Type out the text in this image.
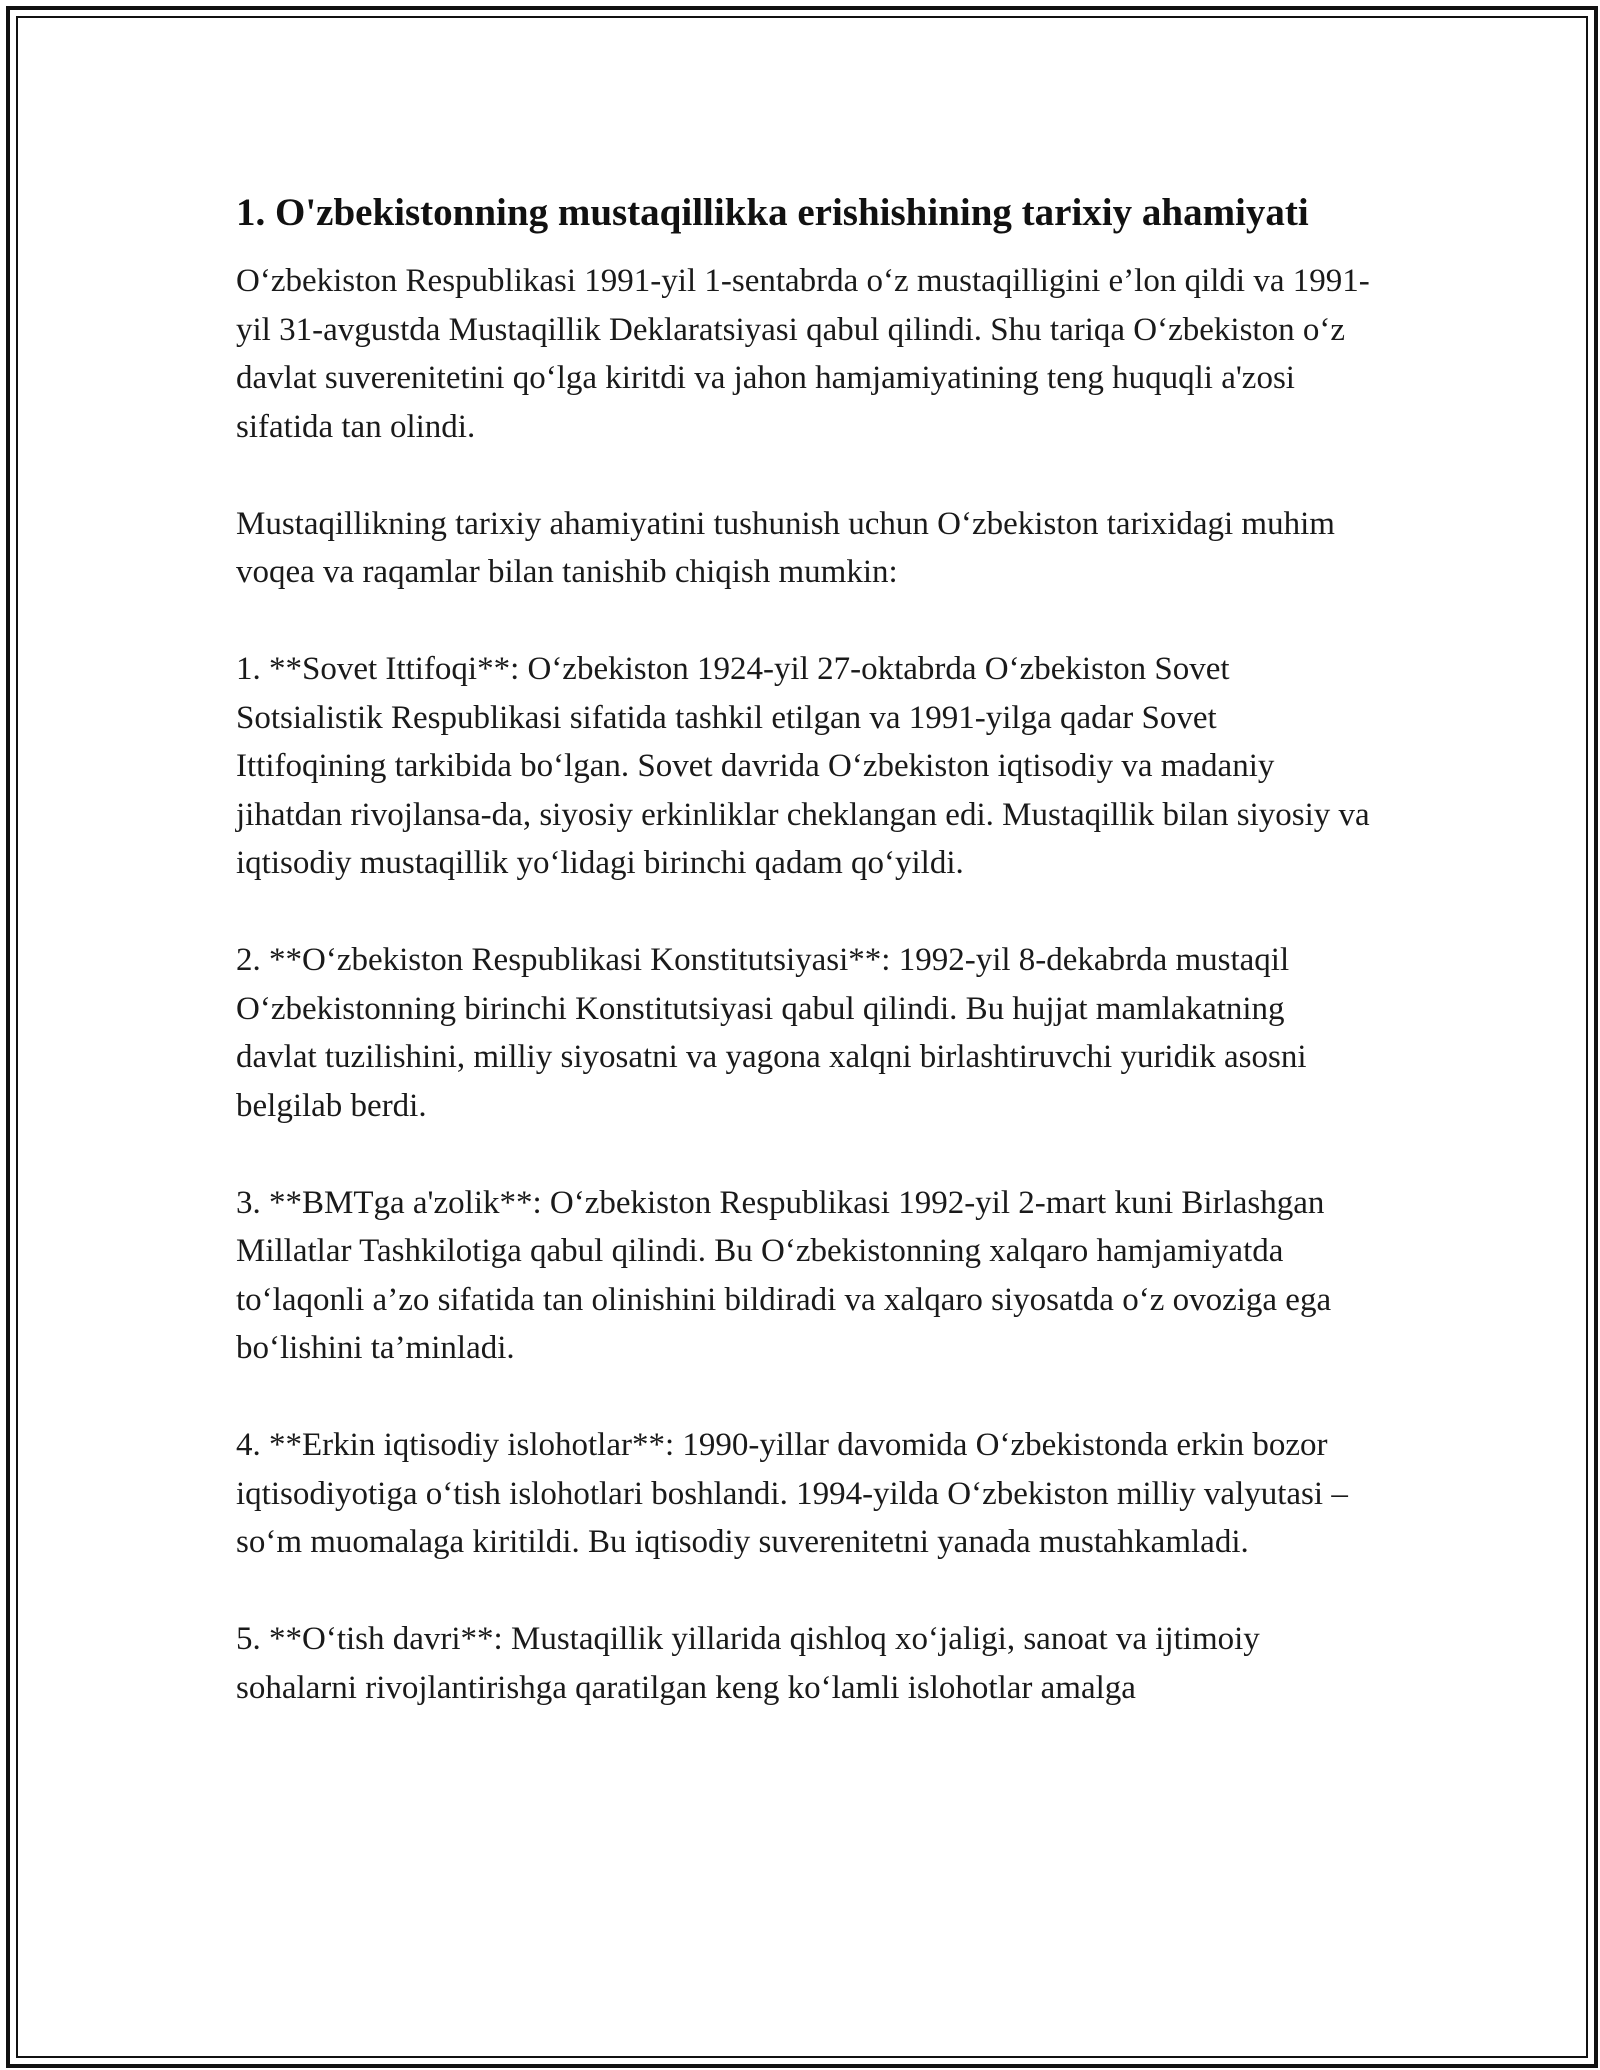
1. O'zbekistonning mustaqillikka erishishining tarixiy ahamiyati

O‘zbekiston Respublikasi 1991-yil 1-sentabrda o‘z mustaqilligini e’lon qildi va 1991-yil 31-avgustda Mustaqillik Deklaratsiyasi qabul qilindi. Shu tariqa O‘zbekiston o‘z davlat suverenitetini qo‘lga kiritdi va jahon hamjamiyatining teng huquqli a'zosi sifatida tan olindi.

Mustaqillikning tarixiy ahamiyatini tushunish uchun O‘zbekiston tarixidagi muhim voqea va raqamlar bilan tanishib chiqish mumkin:

1. **Sovet Ittifoqi**: O‘zbekiston 1924-yil 27-oktabrda O‘zbekiston Sovet Sotsialistik Respublikasi sifatida tashkil etilgan va 1991-yilga qadar Sovet Ittifoqining tarkibida bo‘lgan. Sovet davrida O‘zbekiston iqtisodiy va madaniy jihatdan rivojlansa-da, siyosiy erkinliklar cheklangan edi. Mustaqillik bilan siyosiy va iqtisodiy mustaqillik yo‘lidagi birinchi qadam qo‘yildi.

2. **O‘zbekiston Respublikasi Konstitutsiyasi**: 1992-yil 8-dekabrda mustaqil O‘zbekistonning birinchi Konstitutsiyasi qabul qilindi. Bu hujjat mamlakatning davlat tuzilishini, milliy siyosatni va yagona xalqni birlashtiruvchi yuridik asosni belgilab berdi.

3. **BMTga a'zolik**: O‘zbekiston Respublikasi 1992-yil 2-mart kuni Birlashgan Millatlar Tashkilotiga qabul qilindi. Bu O‘zbekistonning xalqaro hamjamiyatda to‘laqonli a’zo sifatida tan olinishini bildiradi va xalqaro siyosatda o‘z ovoziga ega bo‘lishini ta’minladi.

4. **Erkin iqtisodiy islohotlar**: 1990-yillar davomida O‘zbekistonda erkin bozor iqtisodiyotiga o‘tish islohotlari boshlandi. 1994-yilda O‘zbekiston milliy valyutasi – so‘m muomalaga kiritildi. Bu iqtisodiy suverenitetni yanada mustahkamladi.

5. **O‘tish davri**: Mustaqillik yillarida qishloq xo‘jaligi, sanoat va ijtimoiy sohalarni rivojlantirishga qaratilgan keng ko‘lamli islohotlar amalga
